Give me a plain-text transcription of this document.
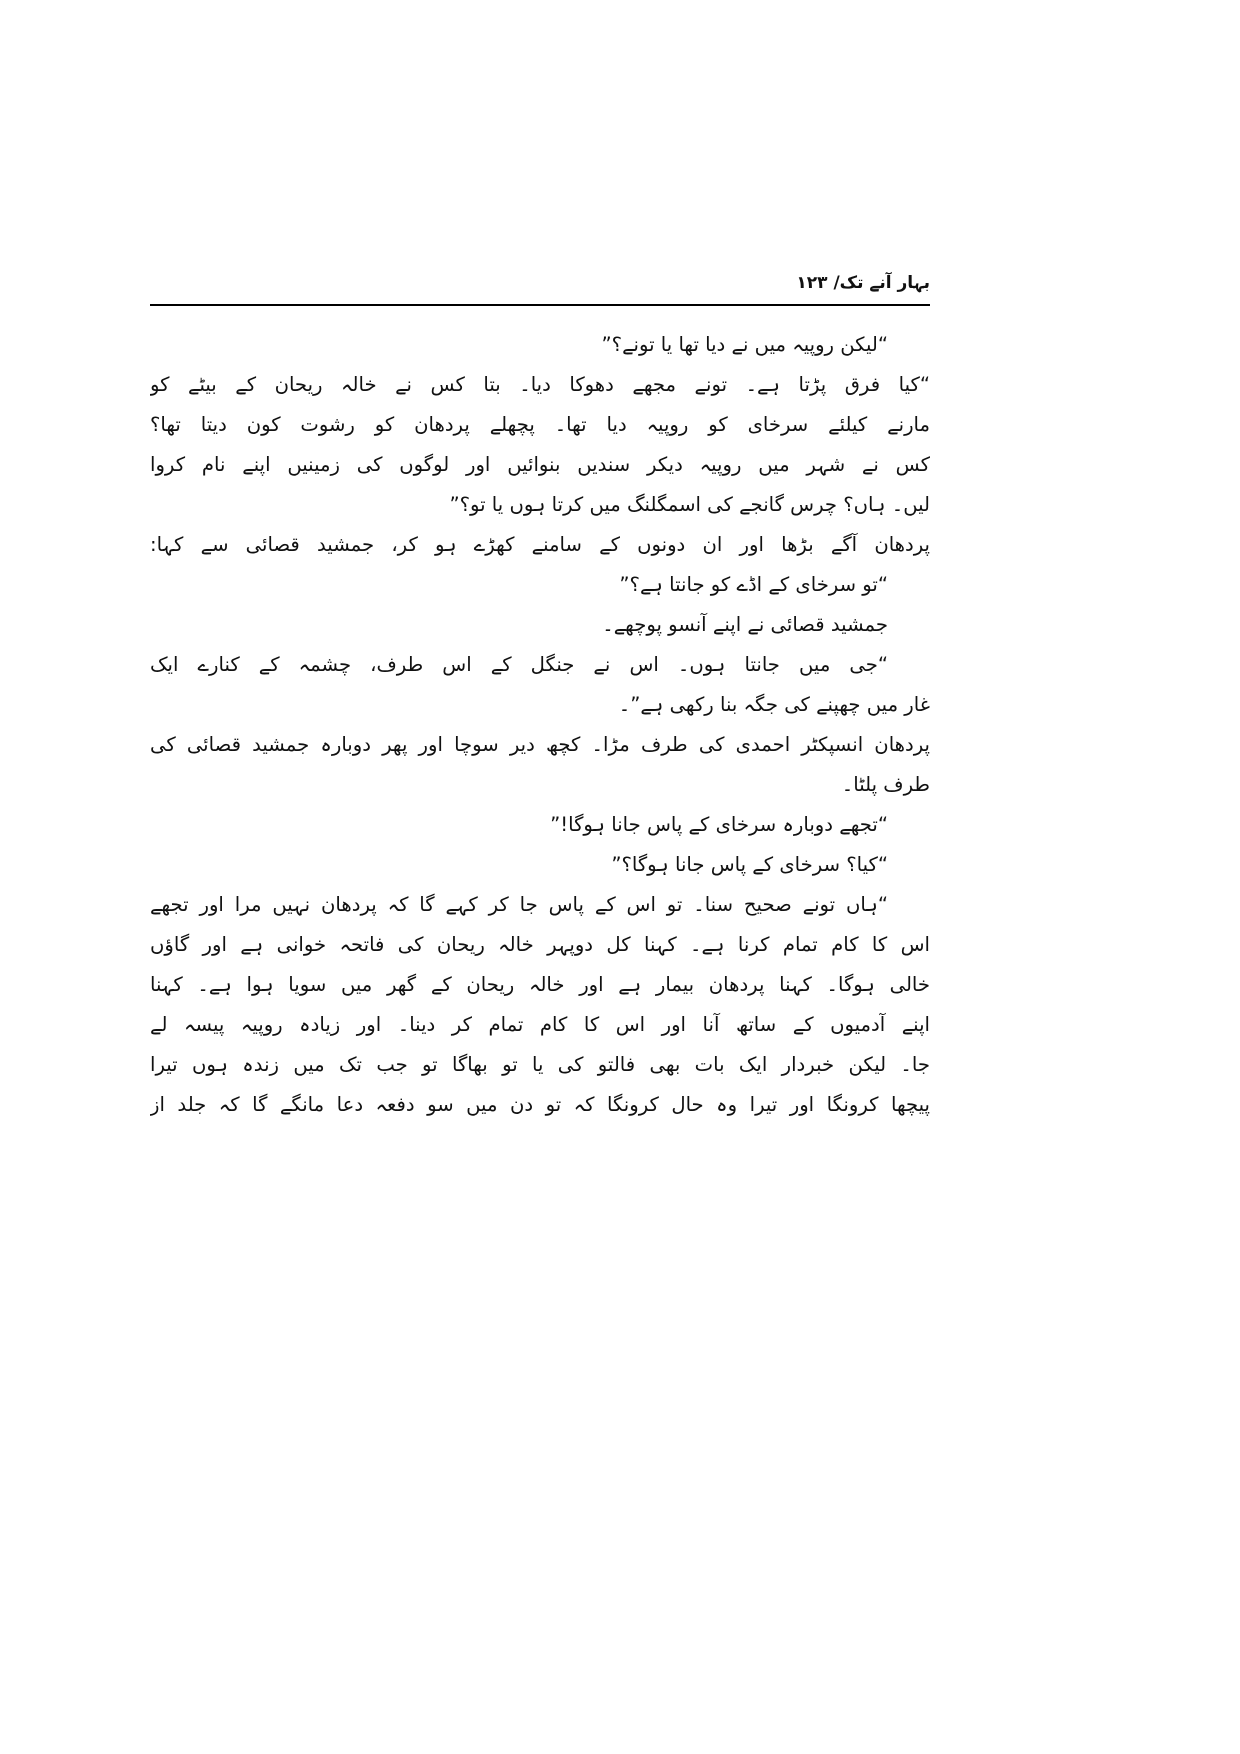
بہار آنے تک/ ۱۲۳
“لیکن روپیہ میں نے دیا تھا یا تونے؟”
“کیا فرق پڑتا ہے۔ تونے مجھے دھوکا دیا۔ بتا کس نے خالہ ریحان کے بیٹے کو
مارنے کیلئے سرخای کو روپیہ دیا تھا۔ پچھلے پردھان کو رشوت کون دیتا تھا؟
کس نے شہر میں روپیہ دیکر سندیں بنوائیں اور لوگوں کی زمینیں اپنے نام کروا
لیں۔ ہاں؟ چرس گانجے کی اسمگلنگ میں کرتا ہوں یا تو؟”
پردھان آگے بڑھا اور ان دونوں کے سامنے کھڑے ہو کر، جمشید قصائی سے کہا:
“تو سرخای کے اڈے کو جانتا ہے؟”
جمشید قصائی نے اپنے آنسو پوچھے۔
“جی میں جانتا ہوں۔ اس نے جنگل کے اس طرف، چشمہ کے کنارے ایک
غار میں چھپنے کی جگہ بنا رکھی ہے”۔
پردھان انسپکٹر احمدی کی طرف مڑا۔ کچھ دیر سوچا اور پھر دوبارہ جمشید قصائی کی
طرف پلٹا۔
“تجھے دوبارہ سرخای کے پاس جانا ہوگا!”
“کیا؟ سرخای کے پاس جانا ہوگا؟”
“ہاں تونے صحیح سنا۔ تو اس کے پاس جا کر کہے گا کہ پردھان نہیں مرا اور تجھے
اس کا کام تمام کرنا ہے۔ کہنا کل دوپہر خالہ ریحان کی فاتحہ خوانی ہے اور گاؤں
خالی ہوگا۔ کہنا پردھان بیمار ہے اور خالہ ریحان کے گھر میں سویا ہوا ہے۔ کہنا
اپنے آدمیوں کے ساتھ آنا اور اس کا کام تمام کر دینا۔ اور زیادہ روپیہ پیسہ لے
جا۔ لیکن خبردار ایک بات بھی فالتو کی یا تو بھاگا تو جب تک میں زندہ ہوں تیرا
پیچھا کرونگا اور تیرا وہ حال کرونگا کہ تو دن میں سو دفعہ دعا مانگے گا کہ جلد از
